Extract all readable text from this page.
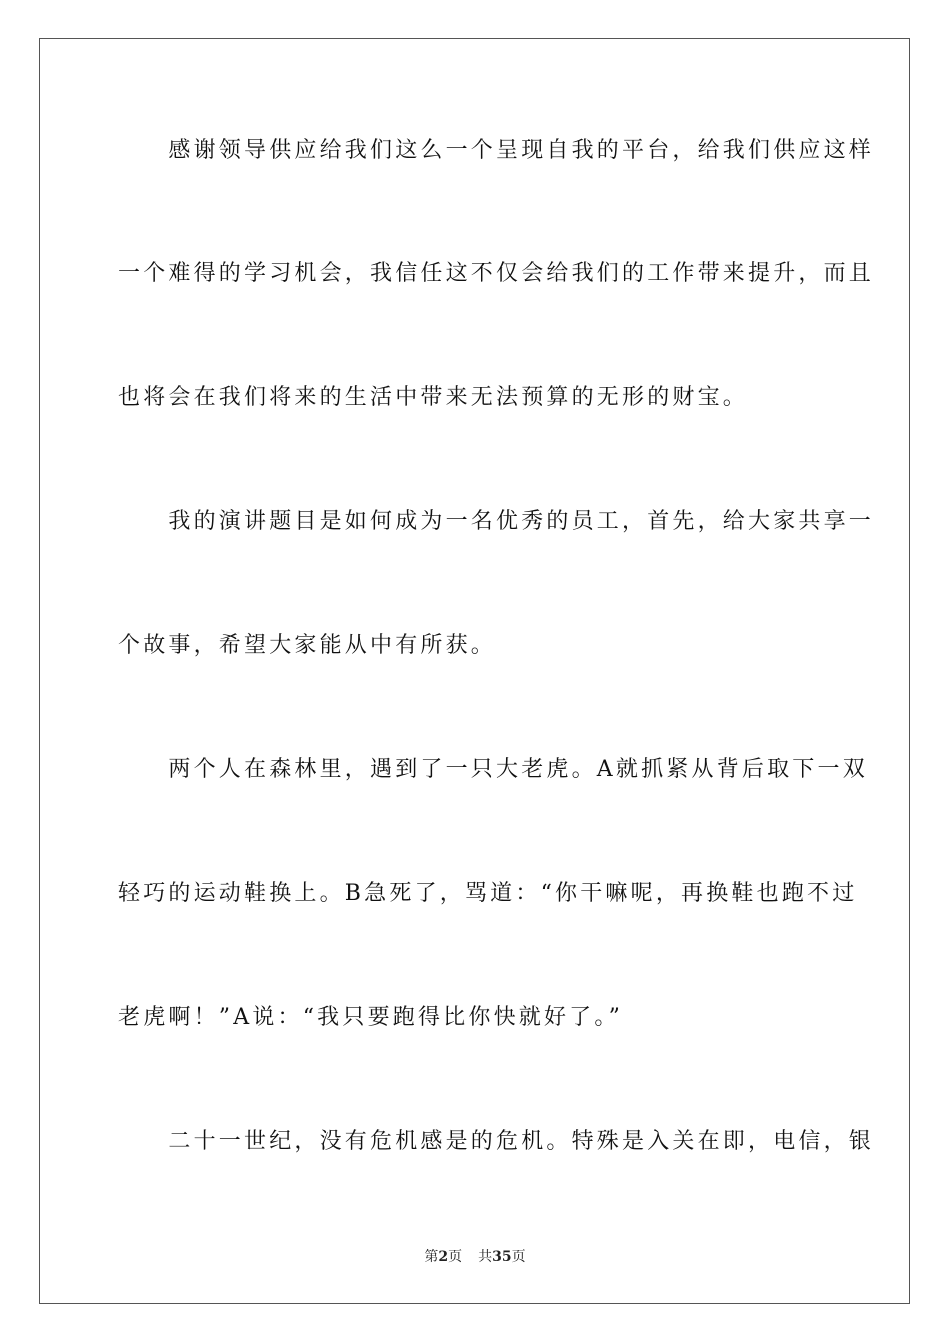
　　感谢领导供应给我们这么一个呈现自我的平台，给我们供应这样
一个难得的学习机会，我信任这不仅会给我们的工作带来提升，而且
也将会在我们将来的生活中带来无法预算的无形的财宝。
　　我的演讲题目是如何成为一名优秀的员工，首先，给大家共享一
个故事，希望大家能从中有所获。
　　两个人在森林里，遇到了一只大老虎。A就抓紧从背后取下一双
轻巧的运动鞋换上。B急死了，骂道：“你干嘛呢，再换鞋也跑不过
老虎啊！”A说：“我只要跑得比你快就好了。”
　　二十一世纪，没有危机感是的危机。特殊是入关在即，电信，银
第2页 共35页
